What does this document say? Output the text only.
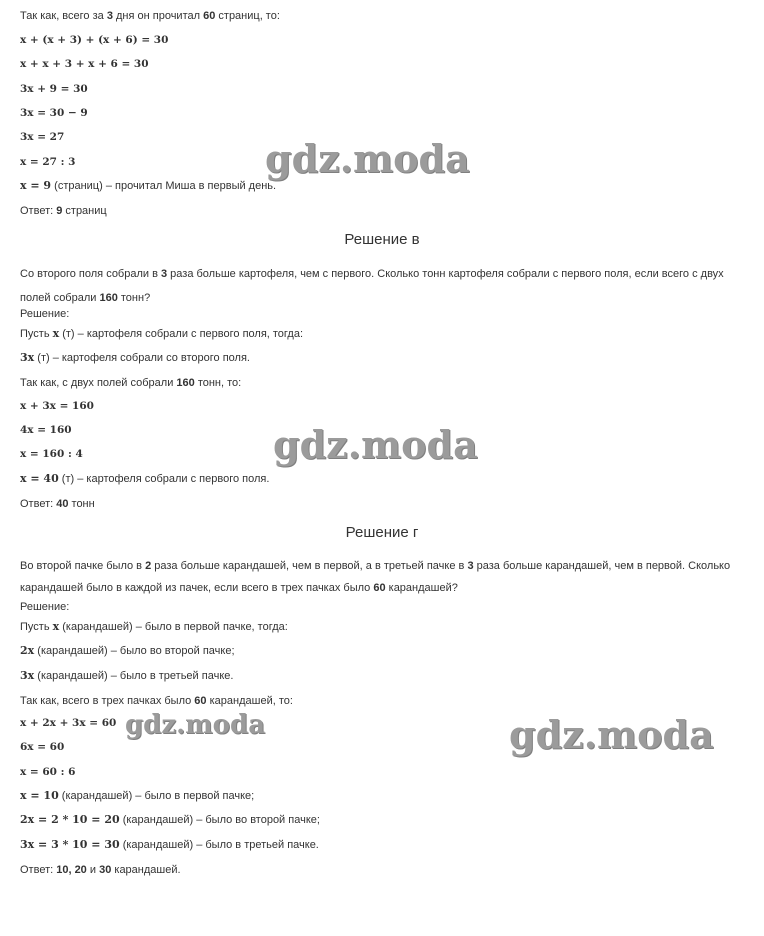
Так как, всего за 3 дня он прочитал 60 страниц, то:
x + (x + 3) + (x + 6) = 30
x + x + 3 + x + 6 = 30
3x + 9 = 30
3x = 30 − 9
3x = 27
x = 27 : 3
x = 9 (страниц) – прочитал Миша в первый день.
Ответ: 9 страниц
Решение в
Со второго поля собрали в 3 раза больше картофеля, чем с первого. Сколько тонн картофеля собрали с первого поля, если всего с двух полей собрали 160 тонн?
Решение:
Пусть x (т) – картофеля собрали с первого поля, тогда:
3x (т) – картофеля собрали со второго поля.
Так как, с двух полей собрали 160 тонн, то:
x + 3x = 160
4x = 160
x = 160 : 4
x = 40 (т) – картофеля собрали с первого поля.
Ответ: 40 тонн
Решение г
Во второй пачке было в 2 раза больше карандашей, чем в первой, а в третьей пачке в 3 раза больше карандашей, чем в первой. Сколько карандашей было в каждой из пачек, если всего в трех пачках было 60 карандашей?
Решение:
Пусть x (карандашей) – было в первой пачке, тогда:
2x (карандашей) – было во второй пачке;
3x (карандашей) – было в третьей пачке.
Так как, всего в трех пачках было 60 карандашей, то:
x + 2x + 3x = 60
6x = 60
x = 60 : 6
x = 10 (карандашей) – было в первой пачке;
2x = 2 * 10 = 20 (карандашей) – было во второй пачке;
3x = 3 * 10 = 30 (карандашей) – было в третьей пачке.
Ответ: 10, 20 и 30 карандашей.
gdz.moda
gdz.moda
gdz.moda	gdz.moda
